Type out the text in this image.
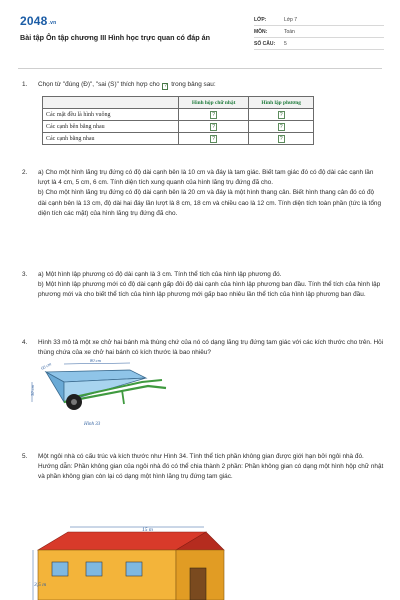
2048.vn
Bài tập Ôn tập chương III Hình học trực quan có đáp án
LỚP:	Lớp 7
MÔN:	Toán
SỐ CÂU:	5
1. Chọn từ "đúng (Đ)", "sai (S)" thích hợp cho ? trong bảng sau:
	Hình hộp chữ nhật	Hình lập phương
Các mặt đều là hình vuông	?	?
Các cạnh bên bằng nhau	?	?
Các cạnh bằng nhau	?	?
2. a) Cho một hình lăng trụ đứng có độ dài cạnh bên là 10 cm và đáy là tam giác. Biết tam giác đó có độ dài các cạnh lần lượt là 4 cm, 5 cm, 6 cm. Tính diện tích xung quanh của hình lăng trụ đứng đã cho.

b) Cho một hình lăng trụ đứng có độ dài cạnh bên là 20 cm và đáy là một hình thang cân. Biết hình thang cân đó có độ dài cạnh bên là 13 cm, độ dài hai đáy lần lượt là 8 cm, 18 cm và chiều cao là 12 cm. Tính diện tích toàn phần (tức là tổng diện tích các mặt) của hình lăng trụ đứng đã cho.

3. a) Một hình lập phương có độ dài cạnh là 3 cm. Tính thể tích của hình lập phương đó.

b) Một hình lập phương mới có độ dài cạnh gấp đôi độ dài cạnh của hình lập phương ban đầu. Tính thể tích của hình lập phương mới và cho biết thể tích của hình lập phương mới gấp bao nhiêu lần thể tích của hình lập phương ban đầu.

4. Hình 33 mô tả một xe chở hai bánh mà thùng chứ của nó có dạng lăng trụ đứng tam giác với các kích thước cho trên. Hỏi thùng chứa của xe chở hai bánh có kích thước là bao nhiêu?

80 cm
60 cm
30 cm
Hình 33
5. Một ngôi nhà có cấu trúc và kích thước như Hình 34. Tính thể tích phần không gian được giới hạn bởi ngôi nhà đó.

Hướng dẫn: Phần không gian của ngôi nhà đó có thể chia thành 2 phần: Phần không gian có dạng một hình hộp chữ nhật và phần không gian còn lại có dạng một hình lăng trụ đứng tam giác.

15 m
3,5 m
